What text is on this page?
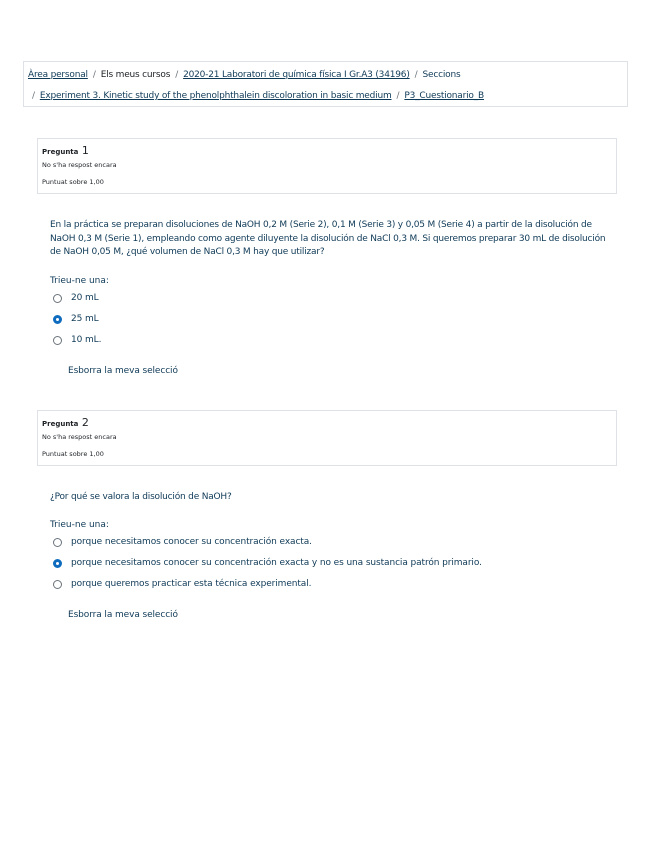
Àrea personal / Els meus cursos / 2020-21 Laboratori de química física I Gr.A3 (34196) / Seccions
/ Experiment 3. Kinetic study of the phenolphthalein discoloration in basic medium / P3_Cuestionario_B
Pregunta 1
No s'ha respost encara
Puntuat sobre 1,00
En la práctica se preparan disoluciones de NaOH 0,2 M (Serie 2), 0,1 M (Serie 3) y 0,05 M (Serie 4) a partir de la disolución de NaOH 0,3 M (Serie 1), empleando como agente diluyente la disolución de NaCl 0,3 M. Si queremos preparar 30 mL de disolución de NaOH 0,05 M, ¿qué volumen de NaCl 0,3 M hay que utilizar?
Trieu-ne una:
20 mL
25 mL
10 mL.
Esborra la meva selecció
Pregunta 2
No s'ha respost encara
Puntuat sobre 1,00
¿Por qué se valora la disolución de NaOH?
Trieu-ne una:
porque necesitamos conocer su concentración exacta.
porque necesitamos conocer su concentración exacta y no es una sustancia patrón primario.
porque queremos practicar esta técnica experimental.
Esborra la meva selecció
